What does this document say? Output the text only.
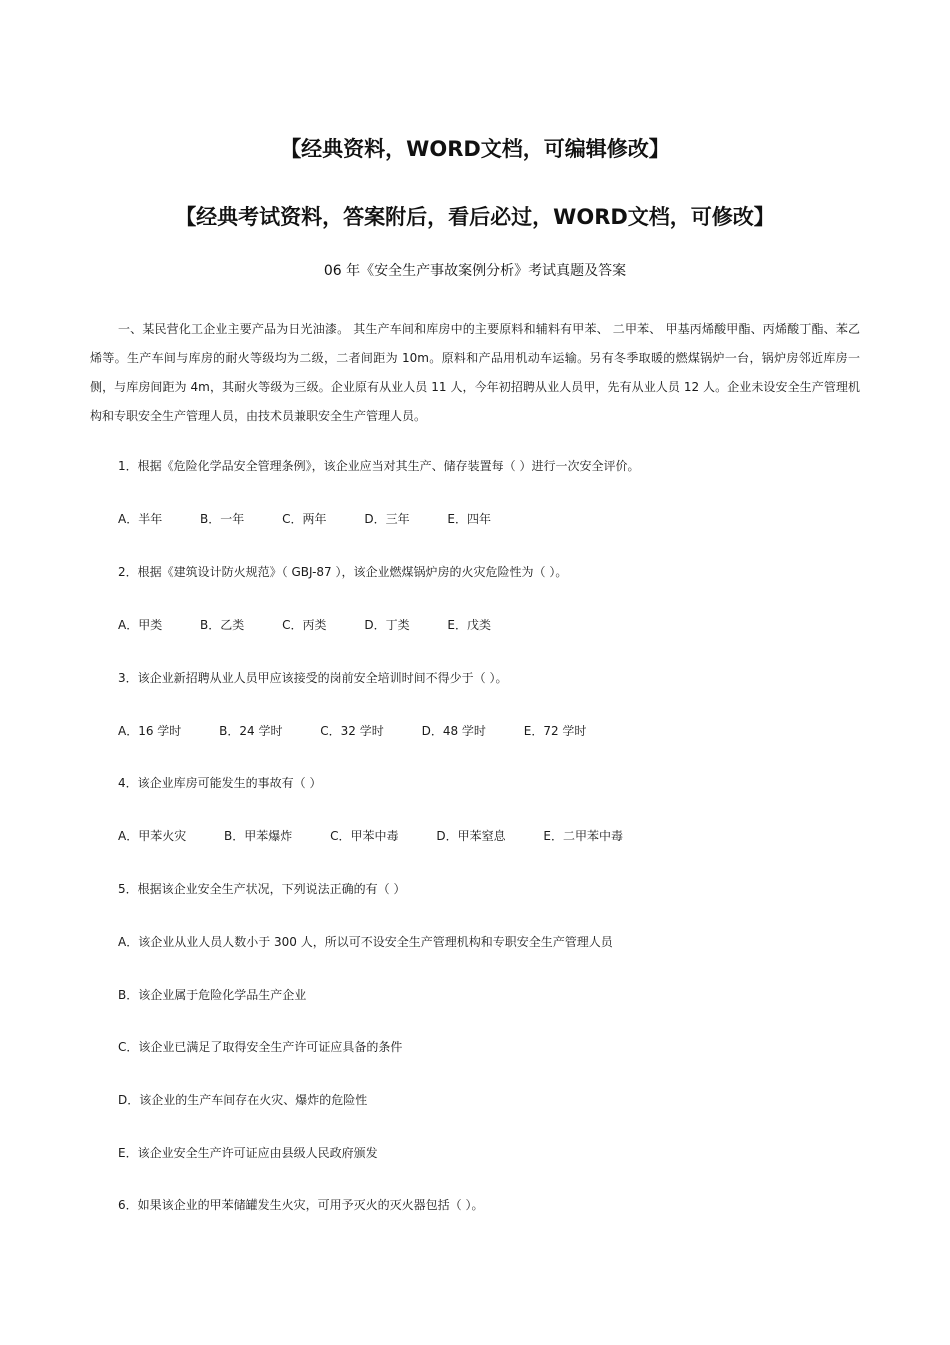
【经典资料，WORD文档，可编辑修改】
【经典考试资料，答案附后，看后必过，WORD文档，可修改】
06 年《安全生产事故案例分析》考试真题及答案
一、某民营化工企业主要产品为日光油漆。 其生产车间和库房中的主要原料和辅料有甲苯、 二甲苯、 甲基丙烯酸甲酯、丙烯酸丁酯、苯乙烯等。生产车间与库房的耐火等级均为二级，二者间距为 10m。原料和产品用机动车运输。另有冬季取暖的燃煤锅炉一台，锅炉房邻近库房一侧，与库房间距为 4m，其耐火等级为三级。企业原有从业人员 11 人，今年初招聘从业人员甲，先有从业人员 12 人。企业未设安全生产管理机构和专职安全生产管理人员，由技术员兼职安全生产管理人员。
1．根据《危险化学品安全管理条例》，该企业应当对其生产、储存装置每（ ）进行一次安全评价。
A．半年	B．一年	C．两年	D．三年	E．四年
2．根据《建筑设计防火规范》（ GBJ-87 ），该企业燃煤锅炉房的火灾危险性为（ ）。
A．甲类	B．乙类	C．丙类	D．丁类	E．戊类
3．该企业新招聘从业人员甲应该接受的岗前安全培训时间不得少于（ ）。
A．16 学时	B．24 学时	C．32 学时	D．48 学时	E．72 学时
4．该企业库房可能发生的事故有（ ）
A．甲苯火灾	B．甲苯爆炸	C．甲苯中毒	D．甲苯窒息	E．二甲苯中毒
5．根据该企业安全生产状况，下列说法正确的有（ ）
A．该企业从业人员人数小于 300 人，所以可不设安全生产管理机构和专职安全生产管理人员
B．该企业属于危险化学品生产企业
C．该企业已满足了取得安全生产许可证应具备的条件
D．该企业的生产车间存在火灾、爆炸的危险性
E．该企业安全生产许可证应由县级人民政府颁发
6．如果该企业的甲苯储罐发生火灾，可用予灭火的灭火器包括（ ）。
